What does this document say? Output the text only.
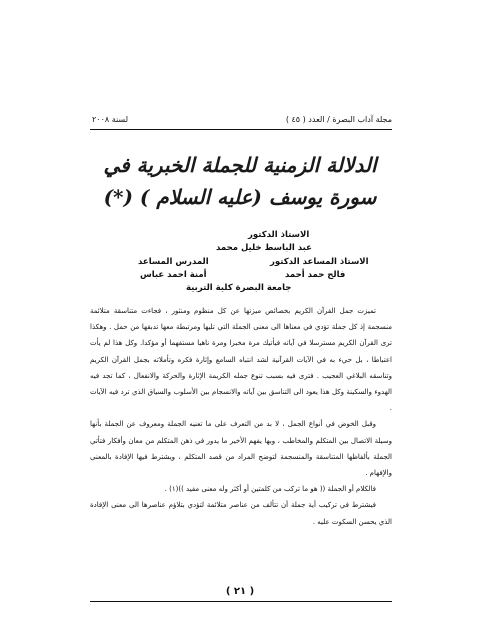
مجلة آداب البصرة / العدد ( ٤٥ )
لسنة ٢٠٠٨
الدلالة الزمنية للجملة الخبرية في
سورة يوسف (عليه السلام ) (*)
الاستاذ الدكتور
عبد الباسط خليل محمد
الاستاذ المساعد الدكتور
فالح حمد أحمد
المدرس المساعد
أمنة احمد عباس
جامعة البصرة كلية التربية

تميزت جمل القرآن الكريم بخصائص ميزتها عن كل منظوم ومنثور ، فجاءت متناسقة متلائمة منسجمة إذ كل جملة تؤدي في معناها الى معنى الجملة التي تليها ومرتبطة معها تدبقها من حمل . وهكذا ترى القرآن الكريم مسترسلا في آياته فيأتيك مرة مخبرا ومرة ناهيا مستفهما أو مؤكدا. وكل هذا لم يأت اعتباطا ، بل حيء به في الآيات القرآنية لشد انتباه السامع وإثارة فكره وتأملاته بجمل القرآن الكريم وتناسقه البلاغي العجيب . فترى فيه بسبب تنوع جمله الكريمة الإثارة والحركة والانفعال ، كما تجد فيه الهدوء والسكينة وكل هذا يعود الى التناسق بين آياته والانسجام بين الأسلوب والسياق الذي ترد فيه الآيات .

وقبل الخوض في أنواع الجمل ، لا بد من التعرف على ما تعنيه الجملة ومعروف عن الجملة بأنها وسيلة الاتصال بين المتكلم والمخاطب ، وبها يفهم الأخير ما يدور في ذهن المتكلم من معان وأفكار فتأتي الجملة بألفاظها المتناسقة والمنسجمة لتوضح المراد من قصد المتكلم ، ويشترط فيها الإفادة بالمعنى والإفهام .

فالكلام أو الجملة (( هو ما تركب من كلمتين أو أكثر وله معنى مفيد ))(١) .

فيشترط في تركيب أية جملة أن تتألف من عناصر متلائمة لتؤدي بتلاؤم عناصرها الى معنى الإفادة الذي يحسن السكوت عليه .

( ٢١ )
